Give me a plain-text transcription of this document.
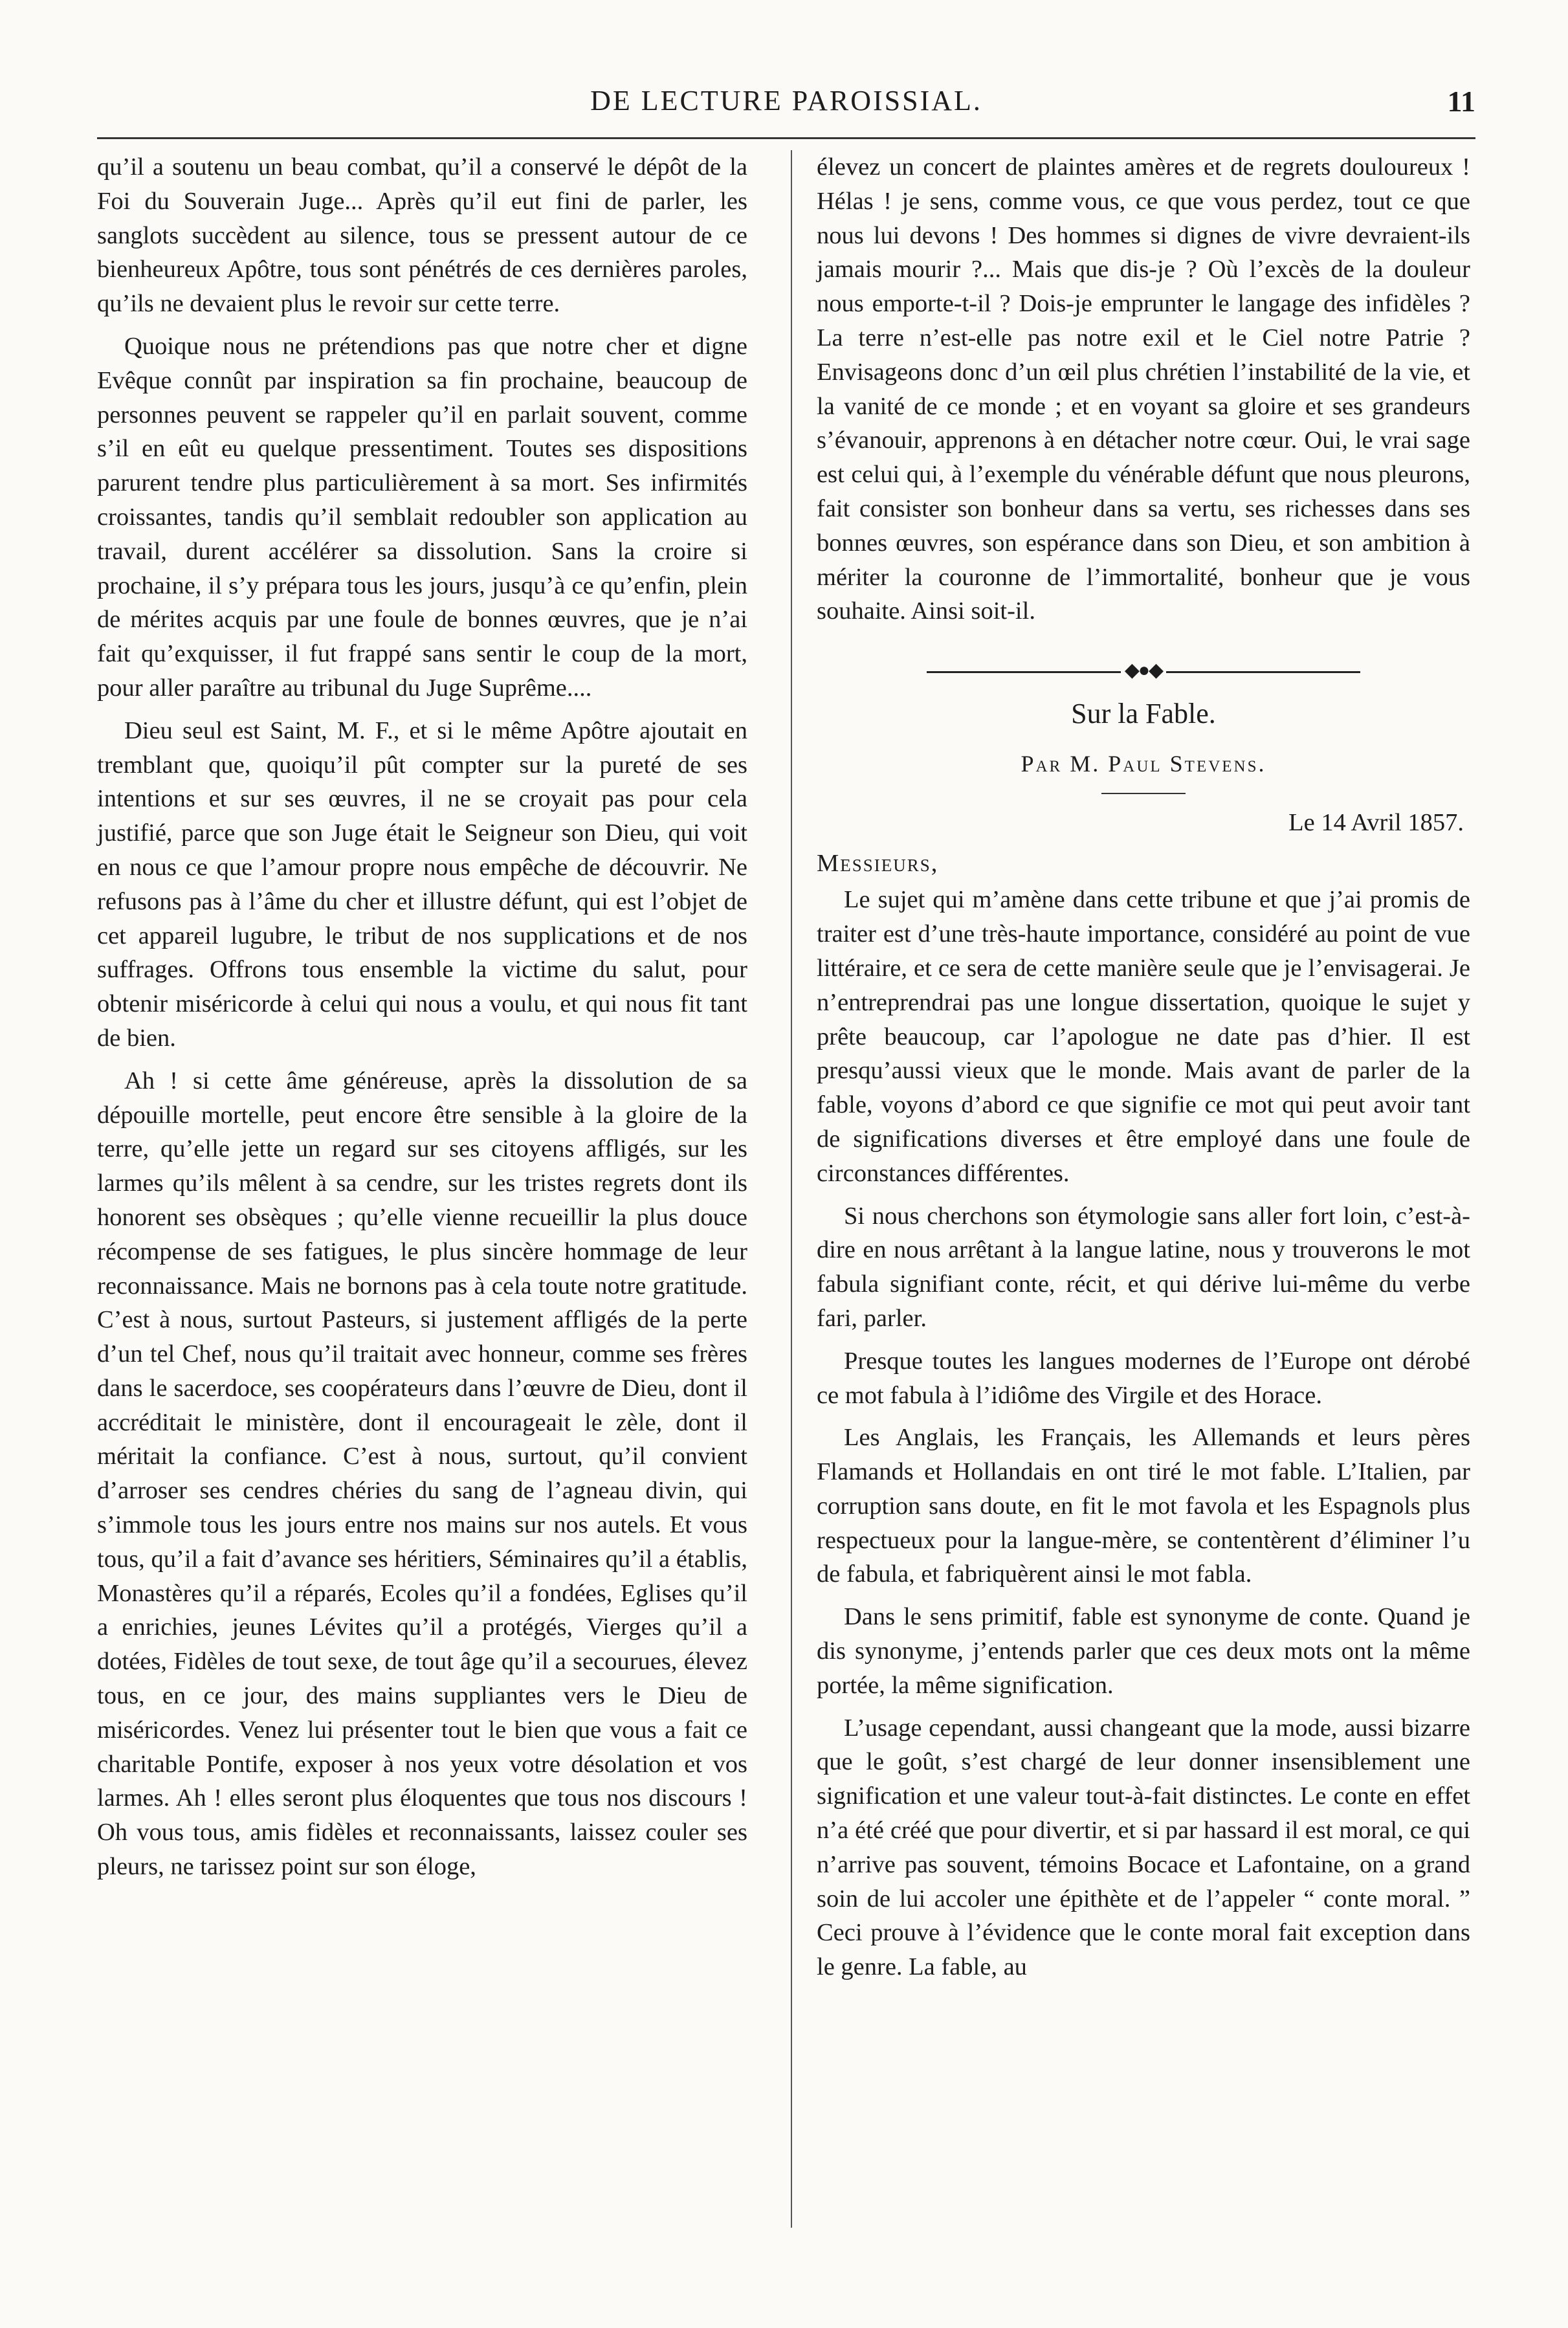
DE LECTURE PAROISSIAL.	11

qu’il a soutenu un beau combat, qu’il a conservé le dépôt de la Foi du Souverain Juge... Après qu’il eut fini de parler, les sanglots succèdent au silence, tous se pressent autour de ce bienheureux Apôtre, tous sont pénétrés de ces dernières paroles, qu’ils ne devaient plus le revoir sur cette terre.

Quoique nous ne prétendions pas que notre cher et digne Evêque connût par inspiration sa fin prochaine, beaucoup de personnes peuvent se rappeler qu’il en parlait souvent, comme s’il en eût eu quelque pressentiment. Toutes ses dispositions parurent tendre plus particulièrement à sa mort. Ses infirmités croissantes, tandis qu’il semblait redoubler son application au travail, durent accélérer sa dissolution. Sans la croire si prochaine, il s’y prépara tous les jours, jusqu’à ce qu’enfin, plein de mérites acquis par une foule de bonnes œuvres, que je n’ai fait qu’exquisser, il fut frappé sans sentir le coup de la mort, pour aller paraître au tribunal du Juge Suprême....

Dieu seul est Saint, M. F., et si le même Apôtre ajoutait en tremblant que, quoiqu’il pût compter sur la pureté de ses intentions et sur ses œuvres, il ne se croyait pas pour cela justifié, parce que son Juge était le Seigneur son Dieu, qui voit en nous ce que l’amour propre nous empêche de découvrir. Ne refusons pas à l’âme du cher et illustre défunt, qui est l’objet de cet appareil lugubre, le tribut de nos supplications et de nos suffrages. Offrons tous ensemble la victime du salut, pour obtenir miséricorde à celui qui nous a voulu, et qui nous fit tant de bien.

Ah ! si cette âme généreuse, après la dissolution de sa dépouille mortelle, peut encore être sensible à la gloire de la terre, qu’elle jette un regard sur ses citoyens affligés, sur les larmes qu’ils mêlent à sa cendre, sur les tristes regrets dont ils honorent ses obsèques ; qu’elle vienne recueillir la plus douce récompense de ses fatigues, le plus sincère hommage de leur reconnaissance. Mais ne bornons pas à cela toute notre gratitude. C’est à nous, surtout Pasteurs, si justement affligés de la perte d’un tel Chef, nous qu’il traitait avec honneur, comme ses frères dans le sacerdoce, ses coopérateurs dans l’œuvre de Dieu, dont il accréditait le ministère, dont il encourageait le zèle, dont il méritait la confiance. C’est à nous, surtout, qu’il convient d’arroser ses cendres chéries du sang de l’agneau divin, qui s’immole tous les jours entre nos mains sur nos autels. Et vous tous, qu’il a fait d’avance ses héritiers, Séminaires qu’il a établis, Monastères qu’il a réparés, Ecoles qu’il a fondées, Eglises qu’il a enrichies, jeunes Lévites qu’il a protégés, Vierges qu’il a dotées, Fidèles de tout sexe, de tout âge qu’il a secourues, élevez tous, en ce jour, des mains suppliantes vers le Dieu de miséricordes. Venez lui présenter tout le bien que vous a fait ce charitable Pontife, exposer à nos yeux votre désolation et vos larmes. Ah ! elles seront plus éloquentes que tous nos discours ! Oh vous tous, amis fidèles et reconnaissants, laissez couler ses pleurs, ne tarissez point sur son éloge,

élevez un concert de plaintes amères et de regrets douloureux ! Hélas ! je sens, comme vous, ce que vous perdez, tout ce que nous lui devons ! Des hommes si dignes de vivre devraient-ils jamais mourir ?... Mais que dis-je ? Où l’excès de la douleur nous emporte-t-il ? Dois-je emprunter le langage des infidèles ? La terre n’est-elle pas notre exil et le Ciel notre Patrie ? Envisageons donc d’un œil plus chrétien l’instabilité de la vie, et la vanité de ce monde ; et en voyant sa gloire et ses grandeurs s’évanouir, apprenons à en détacher notre cœur. Oui, le vrai sage est celui qui, à l’exemple du vénérable défunt que nous pleurons, fait consister son bonheur dans sa vertu, ses richesses dans ses bonnes œuvres, son espérance dans son Dieu, et son ambition à mériter la couronne de l’immortalité, bonheur que je vous souhaite. Ainsi soit-il.

◆●◆

Sur la Fable.

Par M. Paul Stevens.

Le 14 Avril 1857.

Messieurs,

Le sujet qui m’amène dans cette tribune et que j’ai promis de traiter est d’une très-haute importance, considéré au point de vue littéraire, et ce sera de cette manière seule que je l’envisagerai. Je n’entreprendrai pas une longue dissertation, quoique le sujet y prête beaucoup, car l’apologue ne date pas d’hier. Il est presqu’aussi vieux que le monde. Mais avant de parler de la fable, voyons d’abord ce que signifie ce mot qui peut avoir tant de significations diverses et être employé dans une foule de circonstances différentes.

Si nous cherchons son étymologie sans aller fort loin, c’est-à-dire en nous arrêtant à la langue latine, nous y trouverons le mot fabula signifiant conte, récit, et qui dérive lui-même du verbe fari, parler.

Presque toutes les langues modernes de l’Europe ont dérobé ce mot fabula à l’idiôme des Virgile et des Horace.

Les Anglais, les Français, les Allemands et leurs pères Flamands et Hollandais en ont tiré le mot fable. L’Italien, par corruption sans doute, en fit le mot favola et les Espagnols plus respectueux pour la langue-mère, se contentèrent d’éliminer l’u de fabula, et fabriquèrent ainsi le mot fabla.

Dans le sens primitif, fable est synonyme de conte. Quand je dis synonyme, j’entends parler que ces deux mots ont la même portée, la même signification.

L’usage cependant, aussi changeant que la mode, aussi bizarre que le goût, s’est chargé de leur donner insensiblement une signification et une valeur tout-à-fait distinctes. Le conte en effet n’a été créé que pour divertir, et si par hassard il est moral, ce qui n’arrive pas souvent, témoins Bocace et Lafontaine, on a grand soin de lui accoler une épithète et de l’appeler “ conte moral. ” Ceci prouve à l’évidence que le conte moral fait exception dans le genre. La fable, au
